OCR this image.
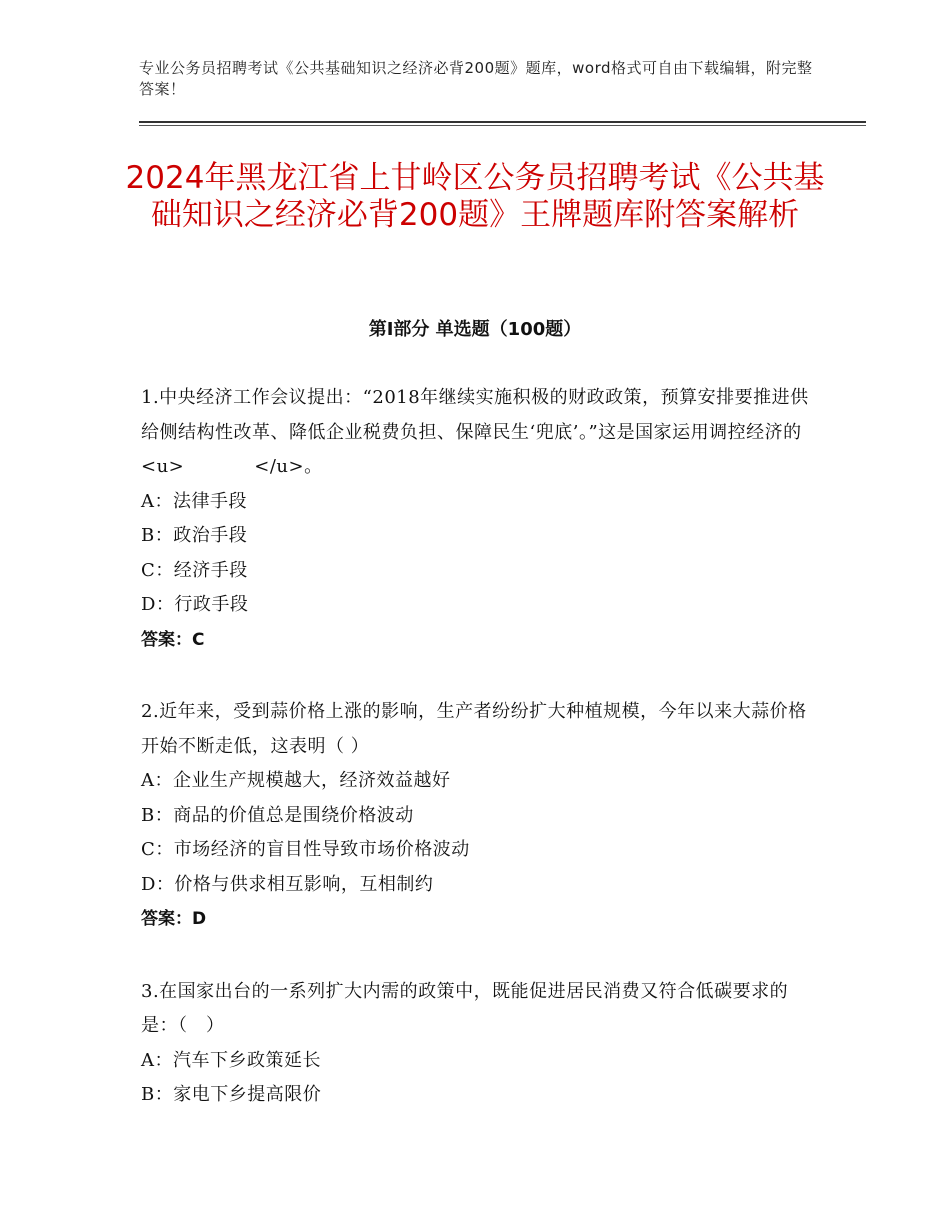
专业公务员招聘考试《公共基础知识之经济必背200题》题库，word格式可自由下载编辑，附完整答案！
2024年黑龙江省上甘岭区公务员招聘考试《公共基础知识之经济必背200题》王牌题库附答案解析
第Ⅰ部分 单选题（100题）

1.中央经济工作会议提出：“2018年继续实施积极的财政政策，预算安排要推进供给侧结构性改革、降低企业税费负担、保障民生‘兜底’。”这是国家运用调控经济的<u>	</u>。

A：法律手段
B：政治手段
C：经济手段
D：行政手段
答案：C

2.近年来，受到蒜价格上涨的影响，生产者纷纷扩大种植规模，今年以来大蒜价格开始不断走低，这表明（ ）

A：企业生产规模越大，经济效益越好
B：商品的价值总是围绕价格波动
C：市场经济的盲目性导致市场价格波动
D：价格与供求相互影响，互相制约
答案：D

3.在国家出台的一系列扩大内需的政策中，既能促进居民消费又符合低碳要求的是：（　）

A：汽车下乡政策延长
B：家电下乡提高限价
